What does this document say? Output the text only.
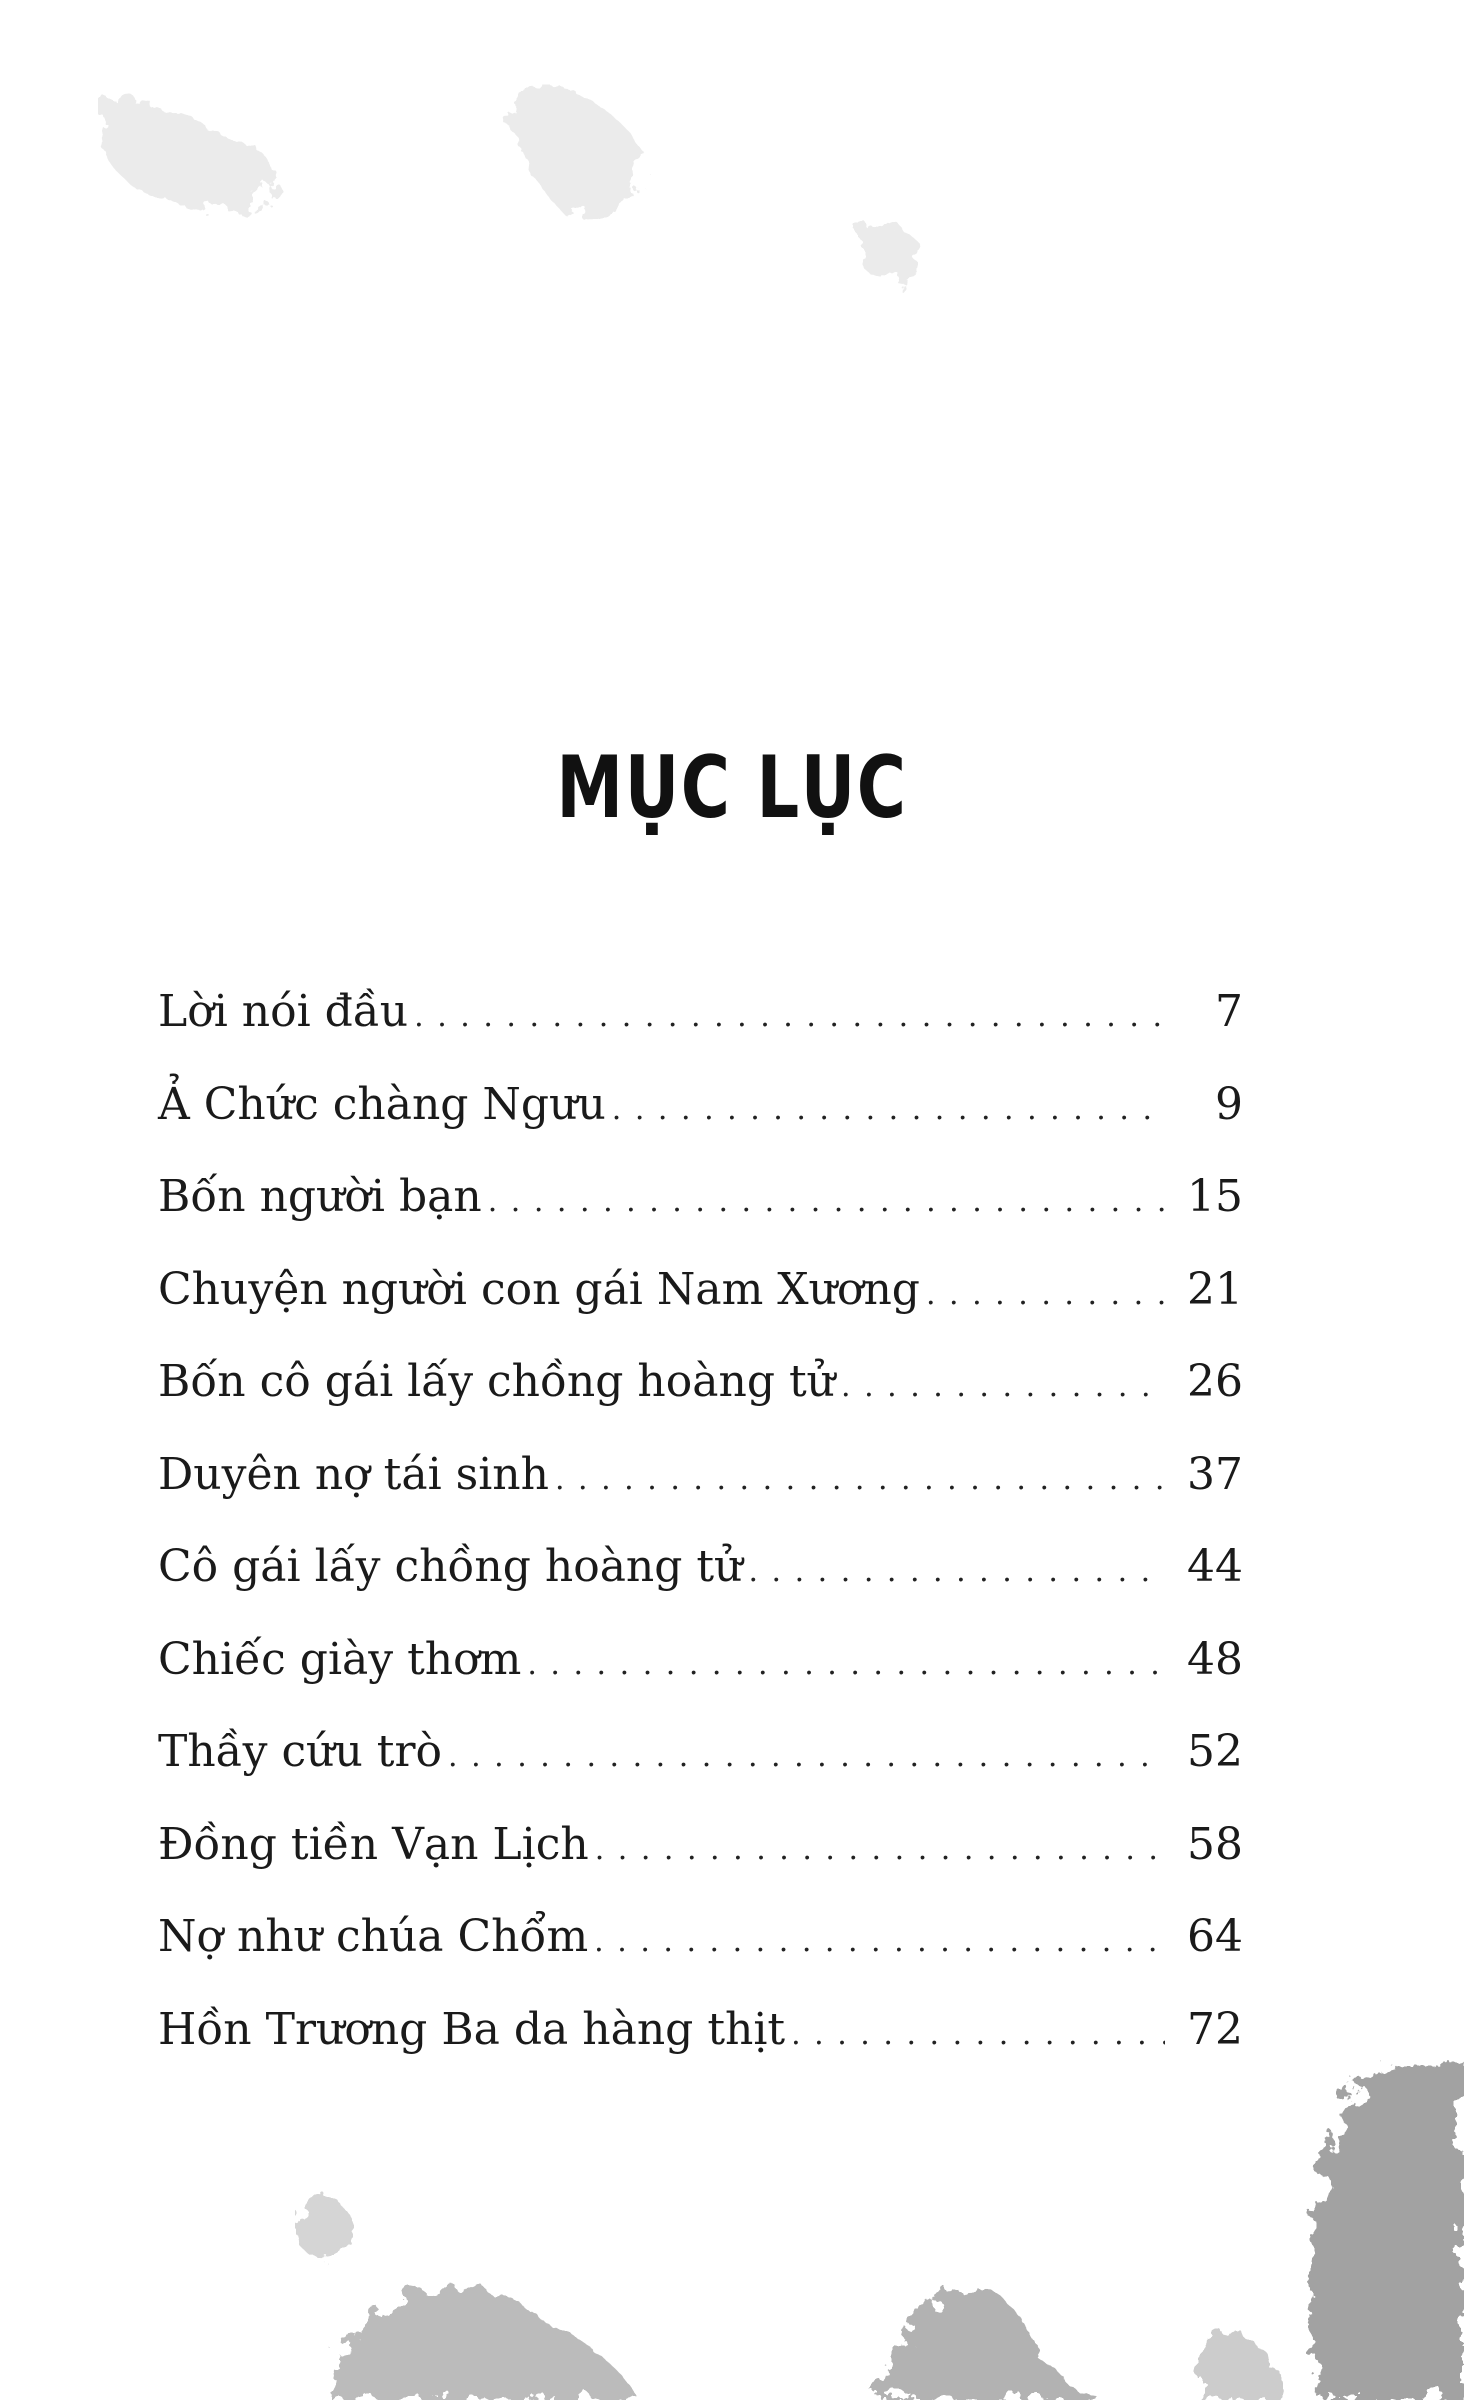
MỤC LỤC
Lời nói đầu . . .	7
Ả Chức chàng Ngưu . . .	9
Bốn người bạn . . .	15
Chuyện người con gái Nam Xương . . .	21
Bốn cô gái lấy chồng hoàng tử . . .	26
Duyên nợ tái sinh . . .	37
Cô gái lấy chồng hoàng tử . . .	44
Chiếc giày thơm . . .	48
Thầy cứu trò . . .	52
Đồng tiền Vạn Lịch . . .	58
Nợ như chúa Chổm . . .	64
Hồn Trương Ba da hàng thịt . . .	72
